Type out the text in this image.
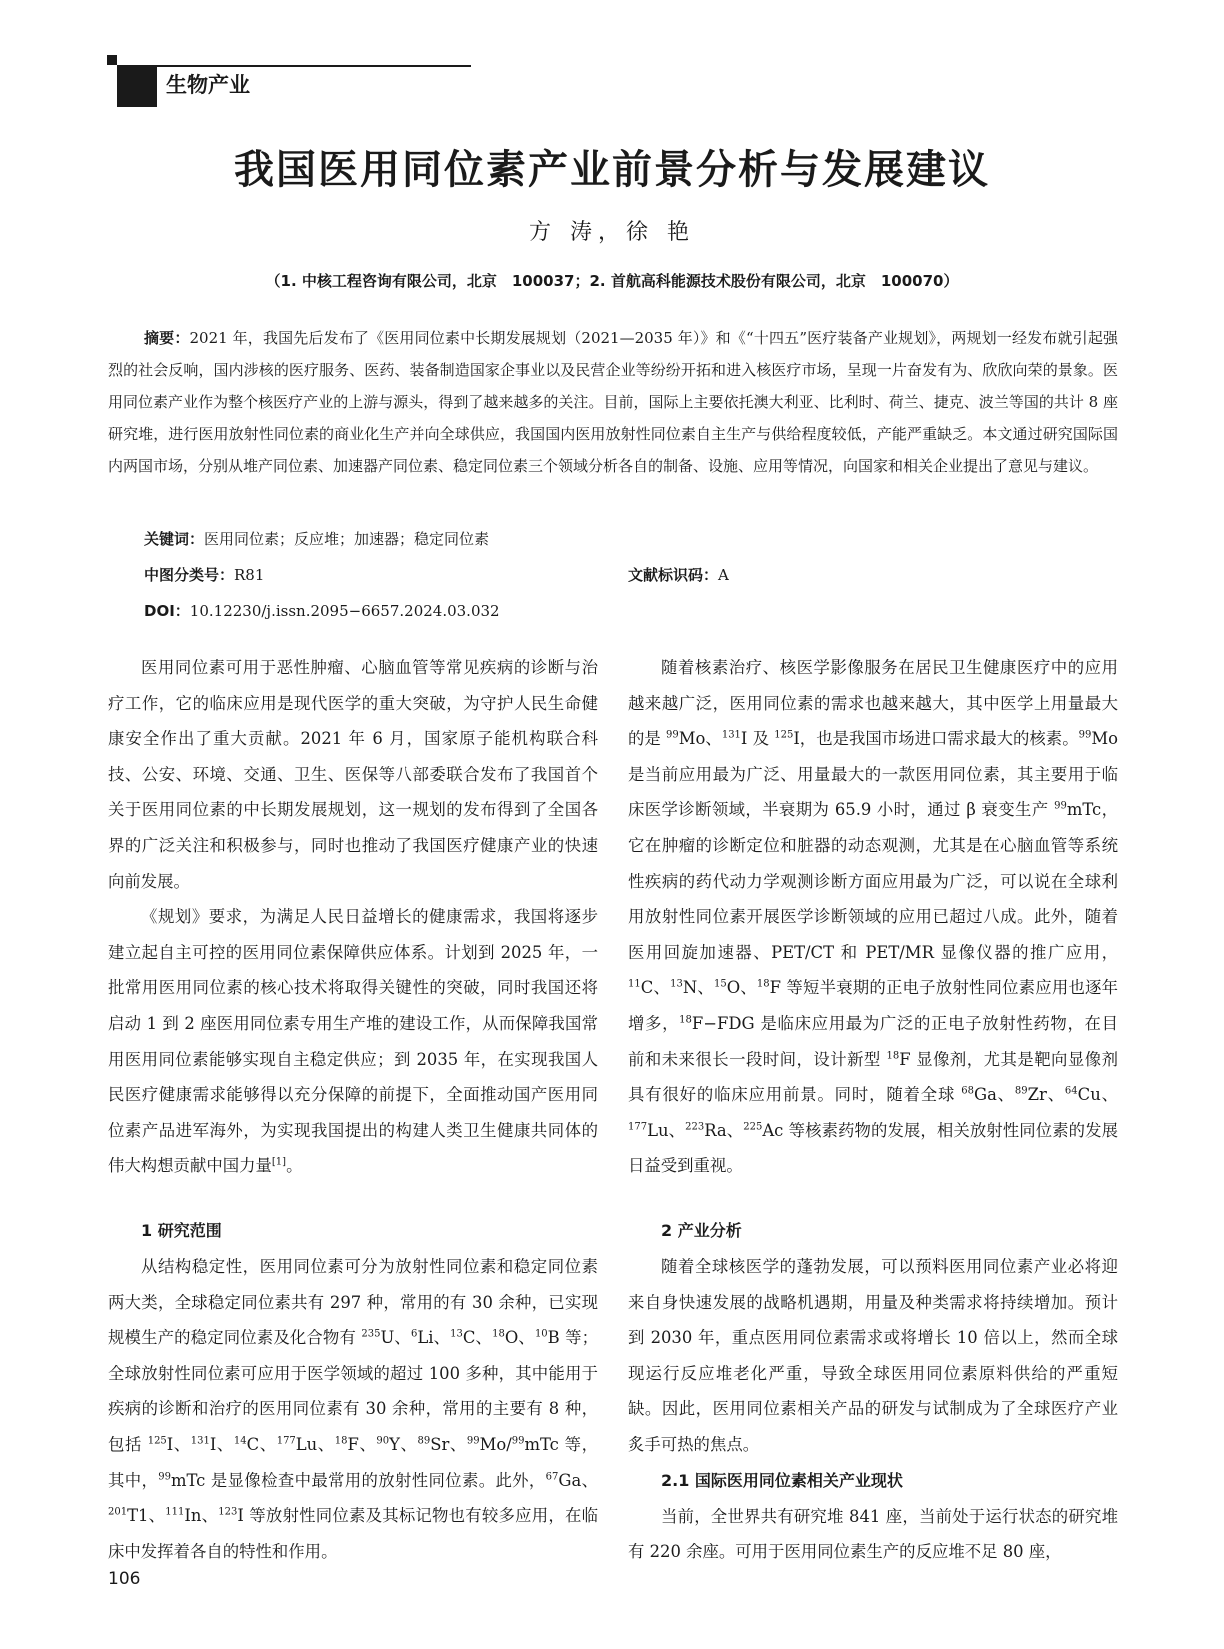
生物产业
我国医用同位素产业前景分析与发展建议
方 涛，徐 艳
（1. 中核工程咨询有限公司，北京　100037；2. 首航高科能源技术股份有限公司，北京　100070）

摘要：2021 年，我国先后发布了《医用同位素中长期发展规划（2021—2035 年）》和《“十四五”医疗装备产业规划》，两规划一经发布就引起强烈的社会反响，国内涉核的医疗服务、医药、装备制造国家企事业以及民营企业等纷纷开拓和进入核医疗市场，呈现一片奋发有为、欣欣向荣的景象。医用同位素产业作为整个核医疗产业的上游与源头，得到了越来越多的关注。目前，国际上主要依托澳大利亚、比利时、荷兰、捷克、波兰等国的共计 8 座研究堆，进行医用放射性同位素的商业化生产并向全球供应，我国国内医用放射性同位素自主生产与供给程度较低，产能严重缺乏。本文通过研究国际国内两国市场，分别从堆产同位素、加速器产同位素、稳定同位素三个领域分析各自的制备、设施、应用等情况，向国家和相关企业提出了意见与建议。

关键词：医用同位素；反应堆；加速器；稳定同位素
中图分类号：R81	文献标识码：A
DOI：10.12230/j.issn.2095−6657.2024.03.032

医用同位素可用于恶性肿瘤、心脑血管等常见疾病的诊断与治疗工作，它的临床应用是现代医学的重大突破，为守护人民生命健康安全作出了重大贡献。2021 年 6 月，国家原子能机构联合科技、公安、环境、交通、卫生、医保等八部委联合发布了我国首个关于医用同位素的中长期发展规划，这一规划的发布得到了全国各界的广泛关注和积极参与，同时也推动了我国医疗健康产业的快速向前发展。

《规划》要求，为满足人民日益增长的健康需求，我国将逐步建立起自主可控的医用同位素保障供应体系。计划到 2025 年，一批常用医用同位素的核心技术将取得关键性的突破，同时我国还将启动 1 到 2 座医用同位素专用生产堆的建设工作，从而保障我国常用医用同位素能够实现自主稳定供应；到 2035 年，在实现我国人民医疗健康需求能够得以充分保障的前提下，全面推动国产医用同位素产品进军海外，为实现我国提出的构建人类卫生健康共同体的伟大构想贡献中国力量[1]。

随着核素治疗、核医学影像服务在居民卫生健康医疗中的应用越来越广泛，医用同位素的需求也越来越大，其中医学上用量最大的是 $^{99}$Mo、$^{131}$I 及 $^{125}$I，也是我国市场进口需求最大的核素。$^{99}$Mo 是当前应用最为广泛、用量最大的一款医用同位素，其主要用于临床医学诊断领域，半衰期为 65.9 小时，通过 β 衰变生产 $^{99}$mTc，它在肿瘤的诊断定位和脏器的动态观测，尤其是在心脑血管等系统性疾病的药代动力学观测诊断方面应用最为广泛，可以说在全球利用放射性同位素开展医学诊断领域的应用已超过八成。此外，随着医用回旋加速器、PET/CT 和 PET/MR 显像仪器的推广应用，$^{11}$C、$^{13}$N、$^{15}$O、$^{18}$F 等短半衰期的正电子放射性同位素应用也逐年增多，$^{18}$F−FDG 是临床应用最为广泛的正电子放射性药物，在目前和未来很长一段时间，设计新型 $^{18}$F 显像剂，尤其是靶向显像剂具有很好的临床应用前景。同时，随着全球 $^{68}$Ga、$^{89}$Zr、$^{64}$Cu、$^{177}$Lu、$^{223}$Ra、$^{225}$Ac 等核素药物的发展，相关放射性同位素的发展日益受到重视。

1 研究范围

从结构稳定性，医用同位素可分为放射性同位素和稳定同位素两大类，全球稳定同位素共有 297 种，常用的有 30 余种，已实现规模生产的稳定同位素及化合物有 $^{235}$U、$^6$Li、$^{13}$C、$^{18}$O、$^{10}$B 等；全球放射性同位素可应用于医学领域的超过 100 多种，其中能用于疾病的诊断和治疗的医用同位素有 30 余种，常用的主要有 8 种，包括 $^{125}$I、$^{131}$I、$^{14}$C、$^{177}$Lu、$^{18}$F、$^{90}$Y、$^{89}$Sr、$^{99}$Mo/$^{99}$mTc 等，其中，$^{99}$mTc 是显像检查中最常用的放射性同位素。此外，$^{67}$Ga、$^{201}$T1、$^{111}$In、$^{123}$I 等放射性同位素及其标记物也有较多应用，在临床中发挥着各自的特性和作用。

2 产业分析

随着全球核医学的蓬勃发展，可以预料医用同位素产业必将迎来自身快速发展的战略机遇期，用量及种类需求将持续增加。预计到 2030 年，重点医用同位素需求或将增长 10 倍以上，然而全球现运行反应堆老化严重，导致全球医用同位素原料供给的严重短缺。因此，医用同位素相关产品的研发与试制成为了全球医疗产业炙手可热的焦点。

2.1 国际医用同位素相关产业现状

当前，全世界共有研究堆 841 座，当前处于运行状态的研究堆有 220 余座。可用于医用同位素生产的反应堆不足 80 座，

106
